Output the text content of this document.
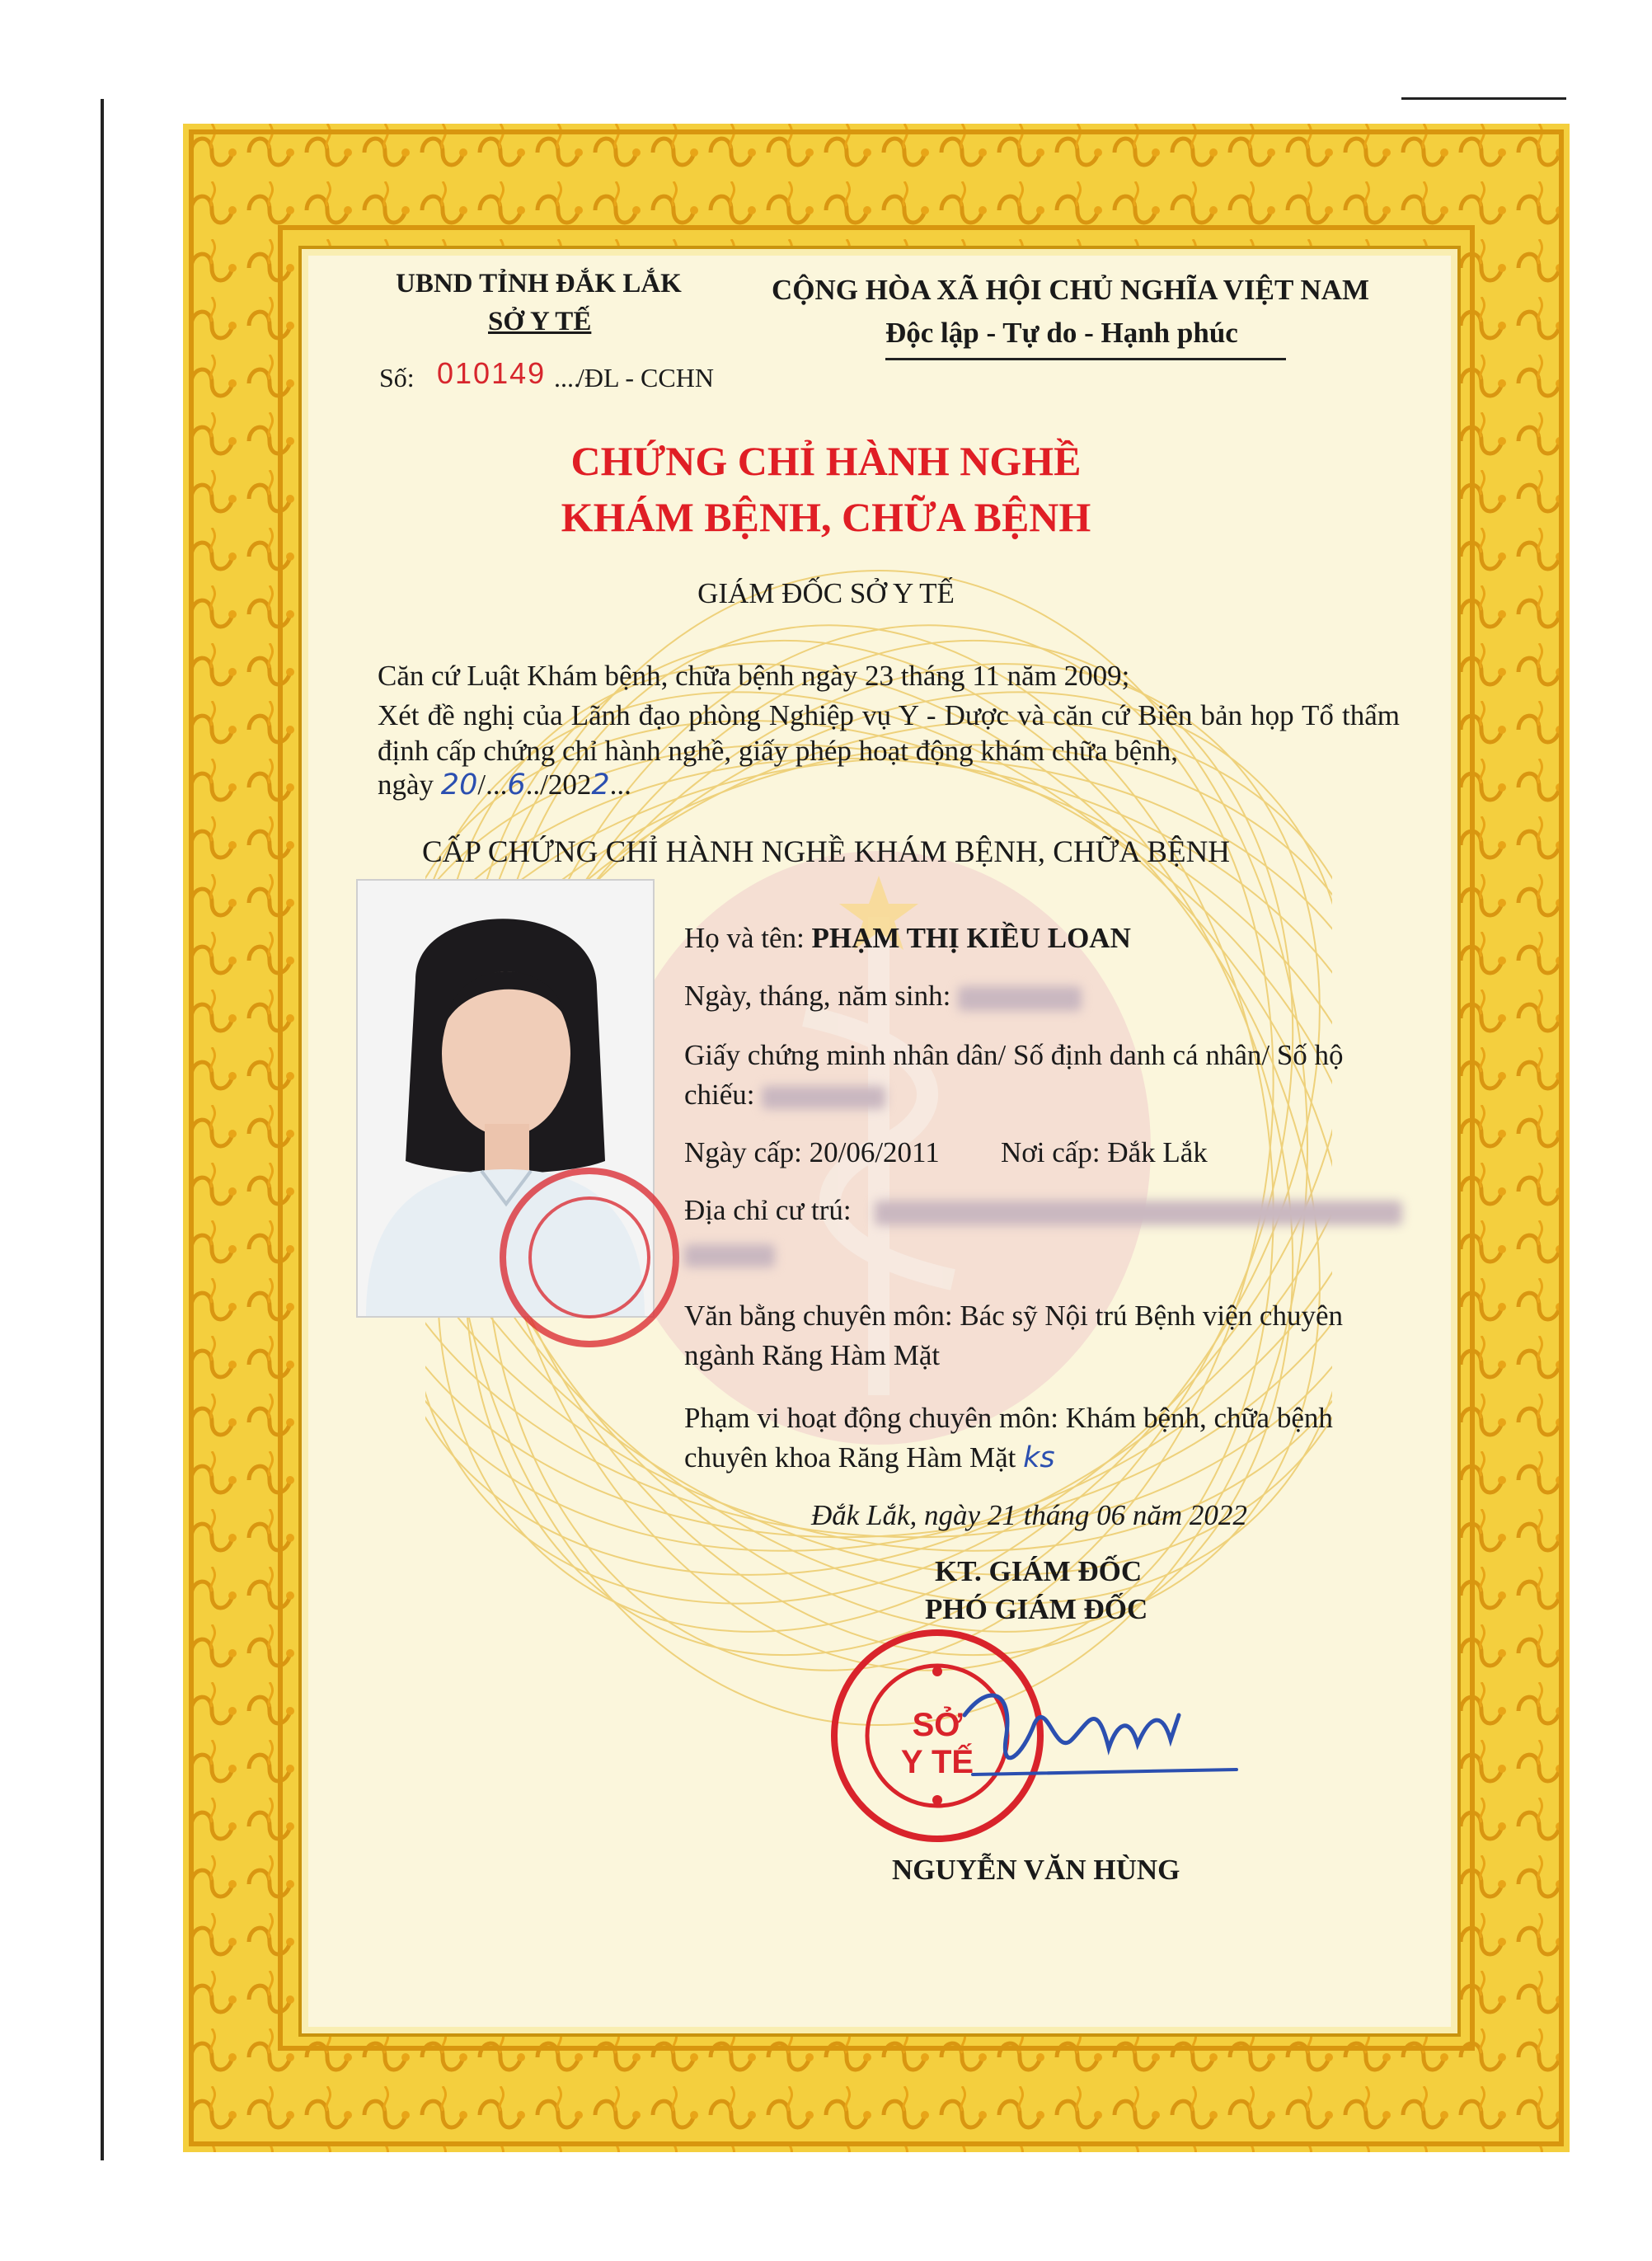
UBND TỈNH ĐẮK LẮK
SỞ Y TẾ
Số: 010149 ....
/ĐL - CCHN
CỘNG HÒA XÃ HỘI CHỦ NGHĨA VIỆT NAM
Độc lập - Tự do - Hạnh phúc
CHỨNG CHỈ HÀNH NGHỀ
KHÁM BỆNH, CHỮA BỆNH
GIÁM ĐỐC SỞ Y TẾ
Căn cứ Luật Khám bệnh, chữa bệnh ngày 23 tháng 11 năm 2009;
Xét đề nghị của Lãnh đạo phòng Nghiệp vụ Y - Dược và căn cứ Biên bản họp Tổ thẩm định cấp chứng chỉ hành nghề, giấy phép hoạt động khám chữa bệnh,
ngày 20/...6../2022...
CẤP CHỨNG CHỈ HÀNH NGHỀ KHÁM BỆNH, CHỮA BỆNH
Họ và tên: PHẠM THỊ KIỀU LOAN
Ngày, tháng, năm sinh:
Giấy chứng minh nhân dân/ Số định danh cá nhân/ Số hộ
chiếu:
Ngày cấp: 20/06/2011 Nơi cấp: Đắk Lắk
Địa chỉ cư trú:
Văn bằng chuyên môn: Bác sỹ Nội trú Bệnh viện chuyên
ngành Răng Hàm Mặt
Phạm vi hoạt động chuyên môn: Khám bệnh, chữa bệnh
chuyên khoa Răng Hàm Mặt ks
Đắk Lắk, ngày 21 tháng 06 năm 2022
KT. GIÁM ĐỐC
PHÓ GIÁM ĐỐC
SỞ
Y TẾ
NGUYỄN VĂN HÙNG
